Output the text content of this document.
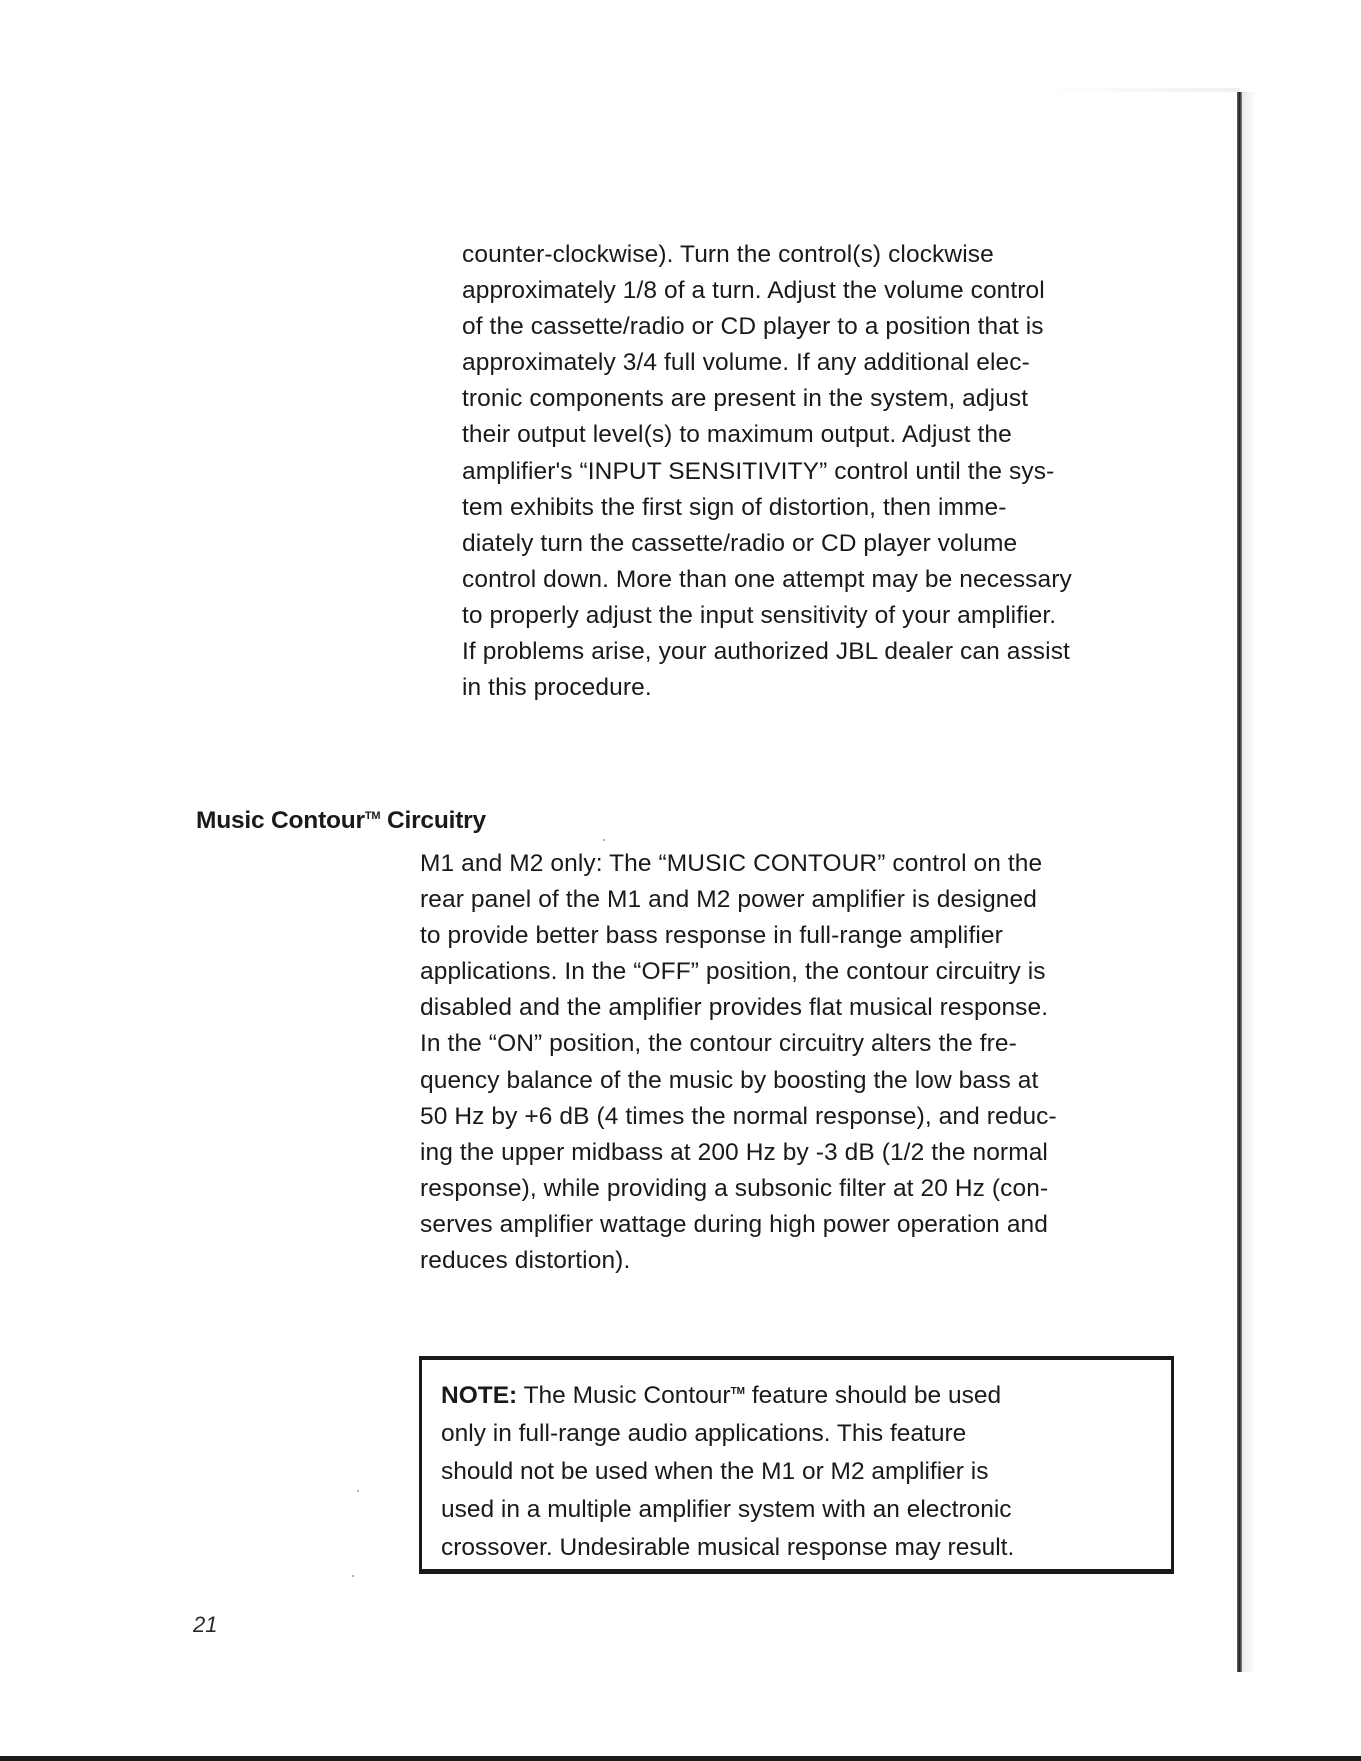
counter-clockwise). Turn the control(s) clockwise
approximately 1/8 of a turn. Adjust the volume control
of the cassette/radio or CD player to a position that is
approximately 3/4 full volume. If any additional elec-
tronic components are present in the system, adjust
their output level(s) to maximum output. Adjust the
amplifier's “INPUT SENSITIVITY” control until the sys-
tem exhibits the first sign of distortion, then imme-
diately turn the cassette/radio or CD player volume
control down. More than one attempt may be necessary
to properly adjust the input sensitivity of your amplifier.
If problems arise, your authorized JBL dealer can assist
in this procedure.
Music Contour™ Circuitry
M1 and M2 only: The “MUSIC CONTOUR” control on the
rear panel of the M1 and M2 power amplifier is designed
to provide better bass response in full-range amplifier
applications. In the “OFF” position, the contour circuitry is
disabled and the amplifier provides flat musical response.
In the “ON” position, the contour circuitry alters the fre-
quency balance of the music by boosting the low bass at
50 Hz by +6 dB (4 times the normal response), and reduc-
ing the upper midbass at 200 Hz by -3 dB (1/2 the normal
response), while providing a subsonic filter at 20 Hz (con-
serves amplifier wattage during high power operation and
reduces distortion).
NOTE: The Music Contour™ feature should be used
only in full-range audio applications. This feature
should not be used when the M1 or M2 amplifier is
used in a multiple amplifier system with an electronic
crossover. Undesirable musical response may result.

21
